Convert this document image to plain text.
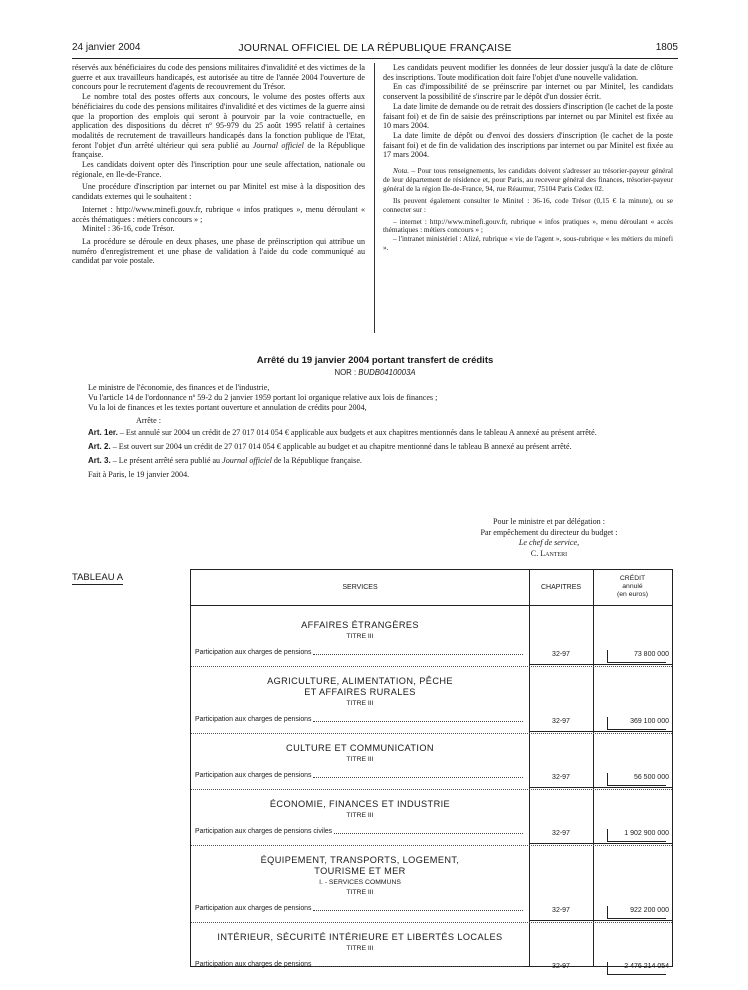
24 janvier 2004	JOURNAL OFFICIEL DE LA RÉPUBLIQUE FRANÇAISE	1805

réservés aux bénéficiaires du code des pensions militaires d'invalidité et des victimes de la guerre et aux travailleurs handicapés, est autorisée au titre de l'année 2004 l'ouverture de concours pour le recrutement d'agents de recouvrement du Trésor.

Le nombre total des postes offerts aux concours, le volume des postes offerts aux bénéficiaires du code des pensions militaires d'invalidité et des victimes de la guerre ainsi que la proportion des emplois qui seront à pourvoir par la voie contractuelle, en application des dispositions du décret nº 95-979 du 25 août 1995 relatif à certaines modalités de recrutement de travailleurs handicapés dans la fonction publique de l'Etat, feront l'objet d'un arrêté ultérieur qui sera publié au Journal officiel de la République française.

Les candidats doivent opter dès l'inscription pour une seule affectation, nationale ou régionale, en Ile-de-France.

Une procédure d'inscription par internet ou par Minitel est mise à la disposition des candidats externes qui le souhaitent :

Internet : http://www.minefi.gouv.fr, rubrique « infos pratiques », menu déroulant « accès thématiques : métiers concours » ;

Minitel : 36-16, code Trésor.

La procédure se déroule en deux phases, une phase de préinscription qui attribue un numéro d'enregistrement et une phase de validation à l'aide du code communiqué au candidat par voie postale.

Les candidats peuvent modifier les données de leur dossier jusqu'à la date de clôture des inscriptions. Toute modification doit faire l'objet d'une nouvelle validation.

En cas d'impossibilité de se préinscrire par internet ou par Minitel, les candidats conservent la possibilité de s'inscrire par le dépôt d'un dossier écrit.

La date limite de demande ou de retrait des dossiers d'inscription (le cachet de la poste faisant foi) et de fin de saisie des préinscriptions par internet ou par Minitel est fixée au 10 mars 2004.

La date limite de dépôt ou d'envoi des dossiers d'inscription (le cachet de la poste faisant foi) et de fin de validation des inscriptions par internet ou par Minitel est fixée au 17 mars 2004.

Nota. – Pour tous renseignements, les candidats doivent s'adresser au trésorier-payeur général de leur département de résidence et, pour Paris, au receveur général des finances, trésorier-payeur général de la région Ile-de-France, 94, rue Réaumur, 75104 Paris Cedex 02.

Ils peuvent également consulter le Minitel : 36-16, code Trésor (0,15 € la minute), ou se connecter sur :

– internet : http://www.minefi.gouv.fr, rubrique « infos pratiques », menu déroulant « accès thématiques : métiers concours » ;

– l'intranet ministériel : Alizé, rubrique « vie de l'agent », sous-rubrique « les métiers du minefi ».

Arrêté du 19 janvier 2004 portant transfert de crédits
NOR : BUDB0410003A

Le ministre de l'économie, des finances et de l'industrie,

Vu l'article 14 de l'ordonnance nº 59-2 du 2 janvier 1959 portant loi organique relative aux lois de finances ;

Vu la loi de finances et les textes portant ouverture et annulation de crédits pour 2004,

Arrête :

Art. 1er. – Est annulé sur 2004 un crédit de 27 017 014 054 € applicable aux budgets et aux chapitres mentionnés dans le tableau A annexé au présent arrêté.

Art. 2. – Est ouvert sur 2004 un crédit de 27 017 014 054 € applicable au budget et au chapitre mentionné dans le tableau B annexé au présent arrêté.

Art. 3. – Le présent arrêté sera publié au Journal officiel de la République française.

Fait à Paris, le 19 janvier 2004.

Pour le ministre et par délégation :
Par empêchement du directeur du budget :
Le chef de service,
C. Lanteri
TABLEAU A
SERVICES	CHAPITRES
CRÉDIT
annulé
(en euros)
AFFAIRES ÉTRANGÈRES
TITRE III
Participation aux charges de pensions	32-97	73 800 000
AGRICULTURE, ALIMENTATION, PÊCHE
ET AFFAIRES RURALES
TITRE III
Participation aux charges de pensions	32-97	369 100 000
CULTURE ET COMMUNICATION
TITRE III
Participation aux charges de pensions	32-97	56 500 000
ÉCONOMIE, FINANCES ET INDUSTRIE
TITRE III
Participation aux charges de pensions civiles	32-97	1 902 900 000
ÉQUIPEMENT, TRANSPORTS, LOGEMENT,
TOURISME ET MER
I. - SERVICES COMMUNS
TITRE III
Participation aux charges de pensions	32-97	922 200 000
INTÉRIEUR, SÉCURITÉ INTÉRIEURE ET LIBERTÉS LOCALES
TITRE III
Participation aux charges de pensions	32-97	2 476 214 054
